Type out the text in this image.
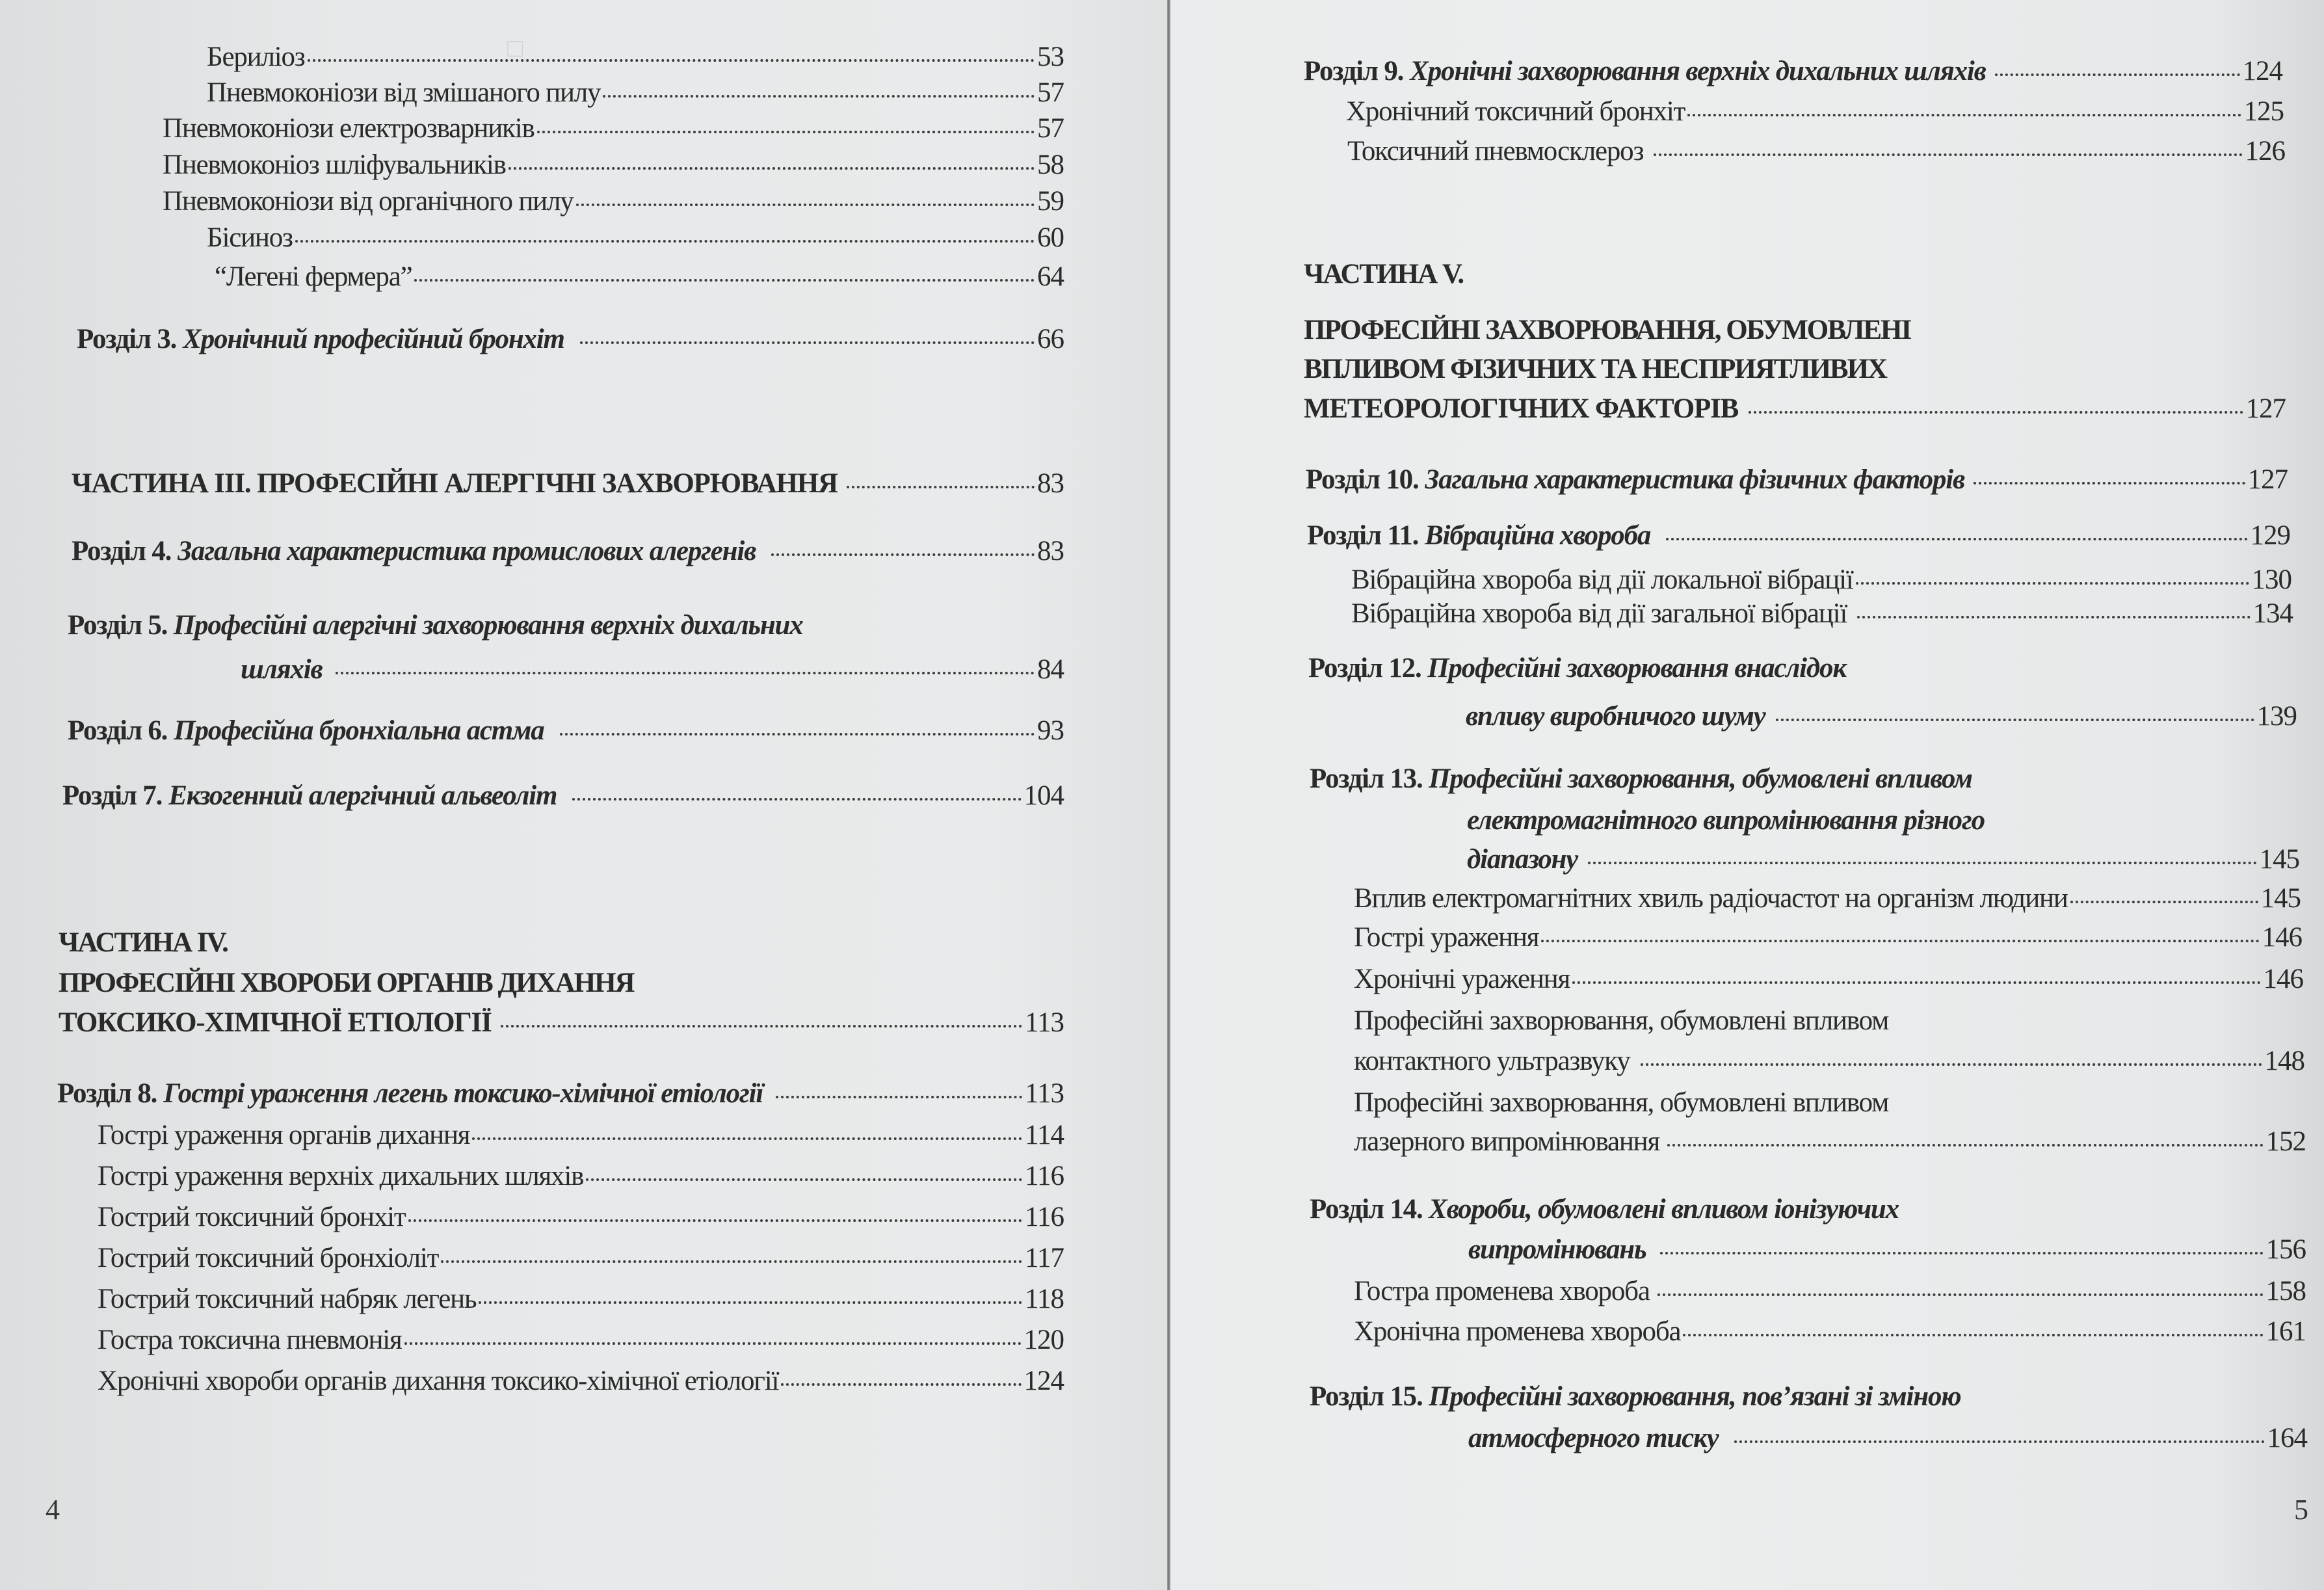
□
Берилiоз	53
Пневмоконiози вiд змiшаного пилу	57
Пневмоконiози електрозварникiв	57
Пневмоконiоз шлiфувальникiв	58
Пневмоконiози вiд органiчного пилу	59
Бiсиноз	60
“Легенi фермера”	64
Роздiл 3. Хронiчний професiйний бронхiт	66
ЧАСТИНА III. ПРОФЕСIЙНI АЛЕРГIЧНI ЗАХВОРЮВАННЯ	83
Роздiл 4. Загальна характеристика промислових алергенiв	83
Роздiл 5. Професiйнi алергiчнi захворювання верхнiх дихальних
шляхiв	84
Роздiл 6. Професiйна бронхiальна астма	93
Роздiл 7. Екзогенний алергiчний альвеолiт	104
ЧАСТИНА IV.
ПРОФЕСIЙНI ХВОРОБИ ОРГАНIВ ДИХАННЯ
ТОКСИКО-ХIМIЧНОЇ ЕТIОЛОГIЇ	113
Роздiл 8. Гострi ураження легень токсико-хiмiчної етiологiї	113
Гострi ураження органiв дихання	114
Гострi ураження верхнiх дихальних шляхiв	116
Гострий токсичний бронхiт	116
Гострий токсичний бронхiолiт	117
Гострий токсичний набряк легень	118
Гостра токсична пневмонiя	120
Хронiчнi хвороби органiв дихання токсико-хiмiчної етiологiї	124
4
Роздiл 9. Хронiчнi захворювання верхнiх дихальних шляхiв	124
Хронiчний токсичний бронхiт	125
Токсичний пневмосклероз	126
ЧАСТИНА V.
ПРОФЕСIЙНI ЗАХВОРЮВАННЯ, ОБУМОВЛЕНI
ВПЛИВОМ ФIЗИЧНИХ ТА НЕСПРИЯТЛИВИХ
МЕТЕОРОЛОГIЧНИХ ФАКТОРIВ	127
Роздiл 10. Загальна характеристика фiзичних факторiв	127
Роздiл 11. Вiбрацiйна хвороба	129
Вiбрацiйна хвороба вiд дiї локальної вiбрацiї	130
Вiбрацiйна хвороба вiд дiї загальної вiбрацiї	134
Роздiл 12. Професiйнi захворювання внаслiдок
впливу виробничого шуму	139
Роздiл 13. Професiйнi захворювання, обумовленi впливом
електромагнiтного випромiнювання рiзного
дiапазону	145
Вплив електромагнiтних хвиль радiочастот на органiзм людини	145
Гострi ураження	146
Хронiчнi ураження	146
Професiйнi захворювання, обумовленi впливом
контактного ультразвуку	148
Професiйнi захворювання, обумовленi впливом
лазерного випромiнювання	152
Роздiл 14. Хвороби, обумовленi впливом iонiзуючих
випромiнювань	156
Гостра променева хвороба	158
Хронiчна променева хвороба	161
Роздiл 15. Професiйнi захворювання, пов’язанi зi змiною
атмосферного тиску	164
5
